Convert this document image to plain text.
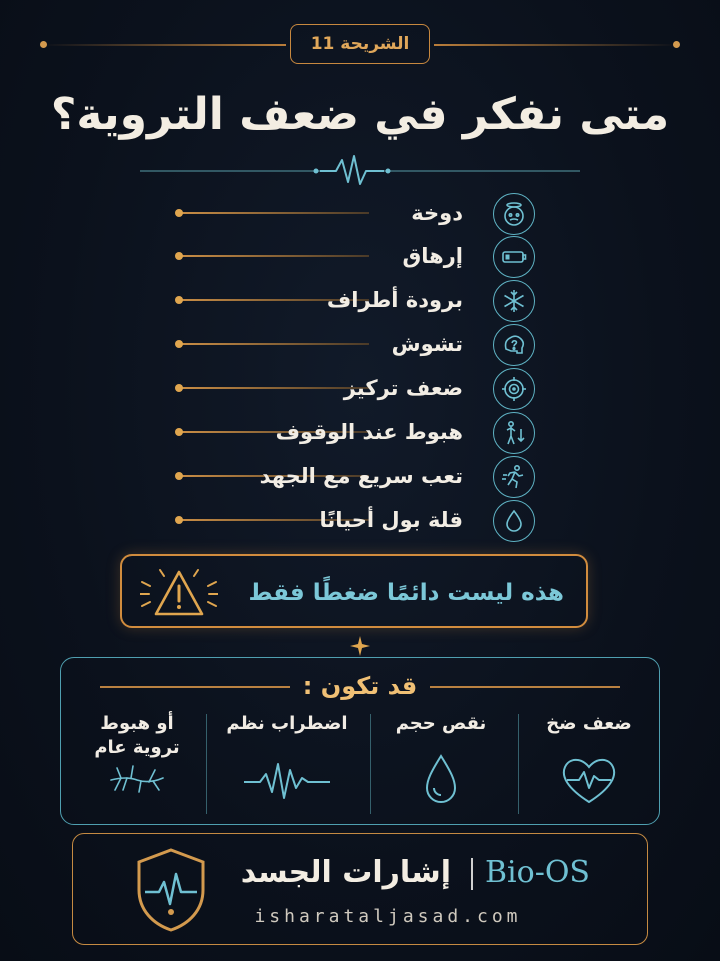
الشريحة 11
متى نفكر في ضعف التروية؟
دوخة
إرهاق
برودة أطراف
تشوش
ضعف تركيز
هبوط عند الوقوف
تعب سريع مع الجهد
قلة بول أحيانًا
هذه ليست دائمًا ضغطًا فقط
قد تكون :
ضعف ضخ
نقص حجم
اضطراب نظم
أو هبوط
تروية عام
إشارات الجسد Bio-OS
isharataljasad.com
